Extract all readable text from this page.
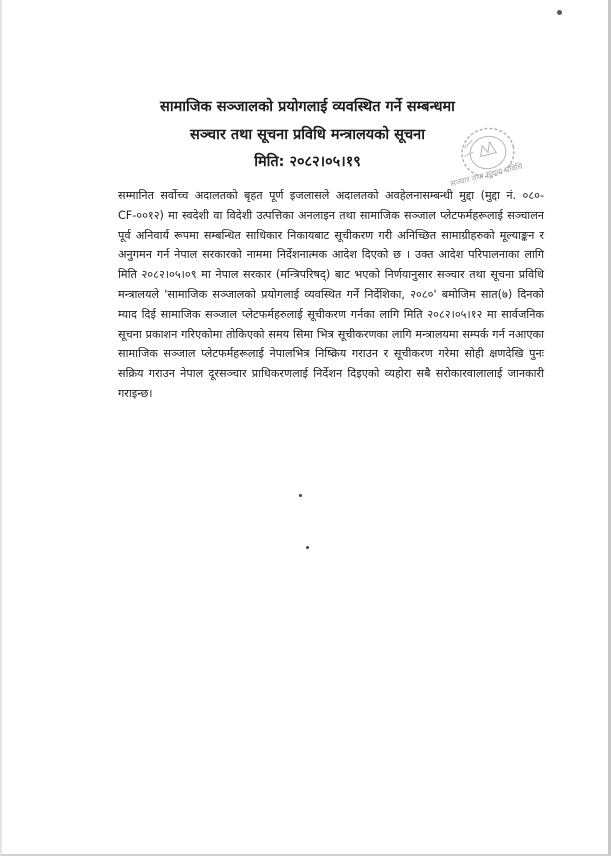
सामाजिक सञ्जालको प्रयोगलाई व्यवस्थित गर्ने सम्बन्धमा
सञ्चार तथा सूचना प्रविधि मन्त्रालयको सूचना
मिति: २०८२।०५।१९	सञ्चार तथा सूचना प्रविधि

सम्मानित सर्वोच्च अदालतको बृहत पूर्ण इजलासले अदालतको अवहेलनासम्बन्धी मुद्दा (मुद्दा नं. ०८०-CF-००१२) मा स्वदेशी वा विदेशी उत्पत्तिका अनलाइन तथा सामाजिक सञ्जाल प्लेटफर्महरूलाई सञ्चालन पूर्व अनिवार्य रूपमा सम्बन्धित साधिकार निकायबाट सूचीकरण गरी अनिच्छित सामाग्रीहरुको मूल्याङ्कन र अनुगमन गर्न नेपाल सरकारको नाममा निर्देशनात्मक आदेश दिएको छ । उक्त आदेश परिपालनाका लागि मिति २०८२।०५।०९ मा नेपाल सरकार (मन्त्रिपरिषद्) बाट भएको निर्णयानुसार सञ्चार तथा सूचना प्रविधि मन्त्रालयले 'सामाजिक सञ्जालको प्रयोगलाई व्यवस्थित गर्ने निर्देशिका, २०८०' बमोजिम सात(७) दिनको म्याद दिई सामाजिक सञ्जाल प्लेटफर्महरुलाई सूचीकरण गर्नका लागि मिति २०८२।०५।१२ मा सार्वजनिक सूचना प्रकाशन गरिएकोमा तोकिएको समय सिमा भित्र सूचीकरणका लागि मन्त्रालयमा सम्पर्क गर्न नआएका सामाजिक सञ्जाल प्लेटफर्महरूलाई नेपालभित्र निष्क्रिय गराउन र सूचीकरण गरेमा सोही क्षणदेखि पुनः सक्रिय गराउन नेपाल दूरसञ्चार प्राधिकरणलाई निर्देशन दिइएको व्यहोरा सबै सरोकारवालालाई जानकारी गराइन्छ।
